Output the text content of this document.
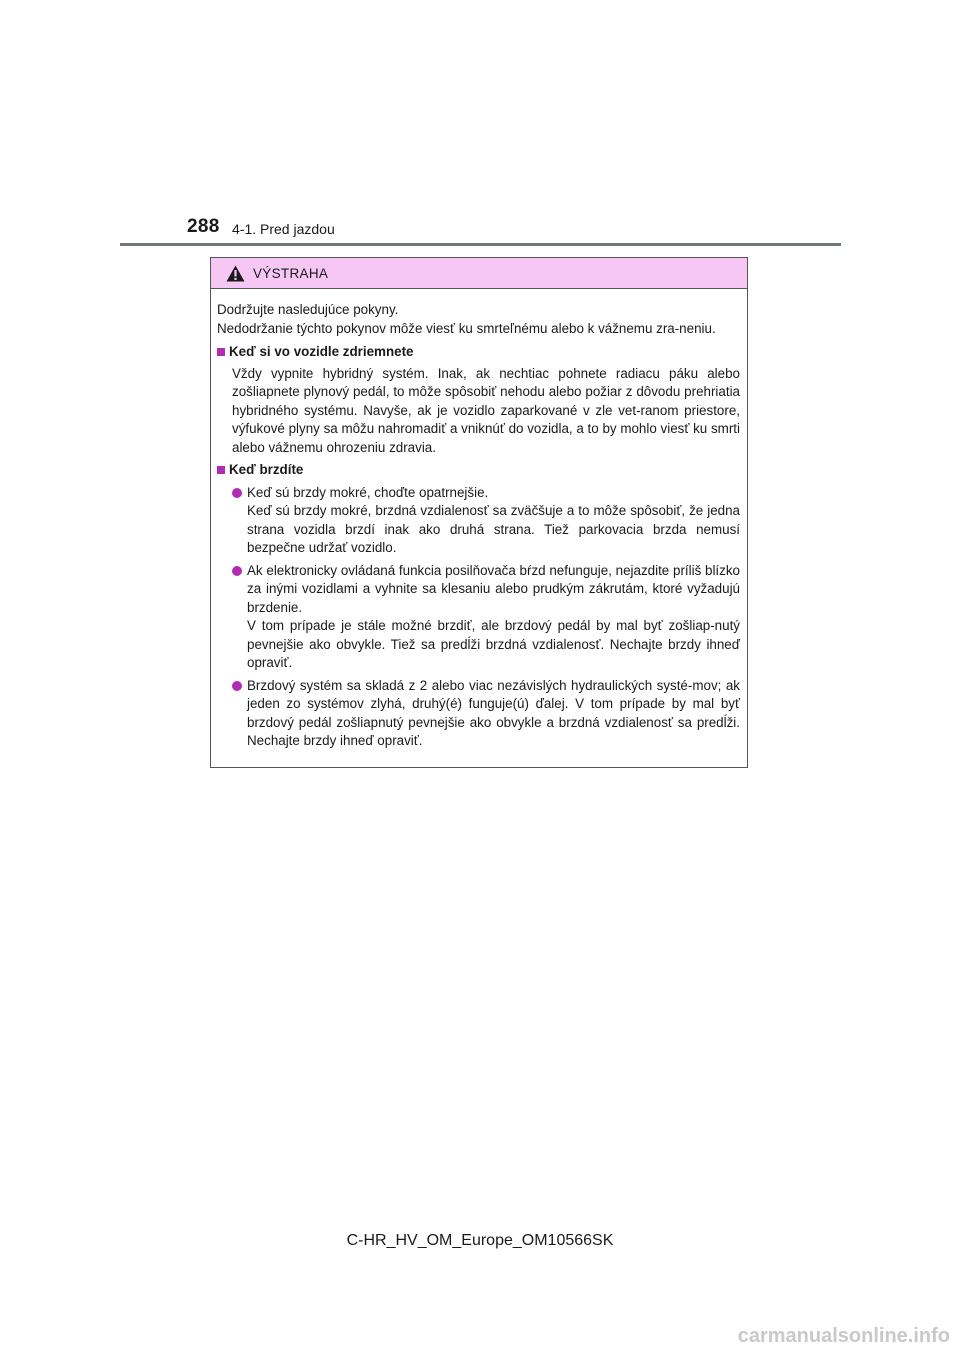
288 4-1. Pred jazdou
VÝSTRAHA

Dodržujte nasledujúce pokyny.

Nedodržanie týchto pokynov môže viesť ku smrteľnému alebo k vážnemu zra-neniu.

Keď si vo vozidle zdriemnete
Vždy vypnite hybridný systém. Inak, ak nechtiac pohnete radiacu páku alebo zošliapnete plynový pedál, to môže spôsobiť nehodu alebo požiar z dôvodu prehriatia hybridného systému. Navyše, ak je vozidlo zaparkované v zle vet-ranom priestore, výfukové plyny sa môžu nahromadiť a vniknúť do vozidla, a to by mohlo viesť ku smrti alebo vážnemu ohrozeniu zdravia.
Keď brzdíte

Keď sú brzdy mokré, choďte opatrnejšie.

Keď sú brzdy mokré, brzdná vzdialenosť sa zväčšuje a to môže spôsobiť, že jedna strana vozidla brzdí inak ako druhá strana. Tiež parkovacia brzda nemusí bezpečne udržať vozidlo.

Ak elektronicky ovládaná funkcia posilňovača bŕzd nefunguje, nejazdite príliš blízko za inými vozidlami a vyhnite sa klesaniu alebo prudkým zákrutám, ktoré vyžadujú brzdenie.

V tom prípade je stále možné brzdiť, ale brzdový pedál by mal byť zošliap-nutý pevnejšie ako obvykle. Tiež sa predĺži brzdná vzdialenosť. Nechajte brzdy ihneď opraviť.

Brzdový systém sa skladá z 2 alebo viac nezávislých hydraulických systé-mov; ak jeden zo systémov zlyhá, druhý(é) funguje(ú) ďalej. V tom prípade by mal byť brzdový pedál zošliapnutý pevnejšie ako obvykle a brzdná vzdialenosť sa predĺži. Nechajte brzdy ihneď opraviť.

C-HR_HV_OM_Europe_OM10566SK
carmanualsonline.info
